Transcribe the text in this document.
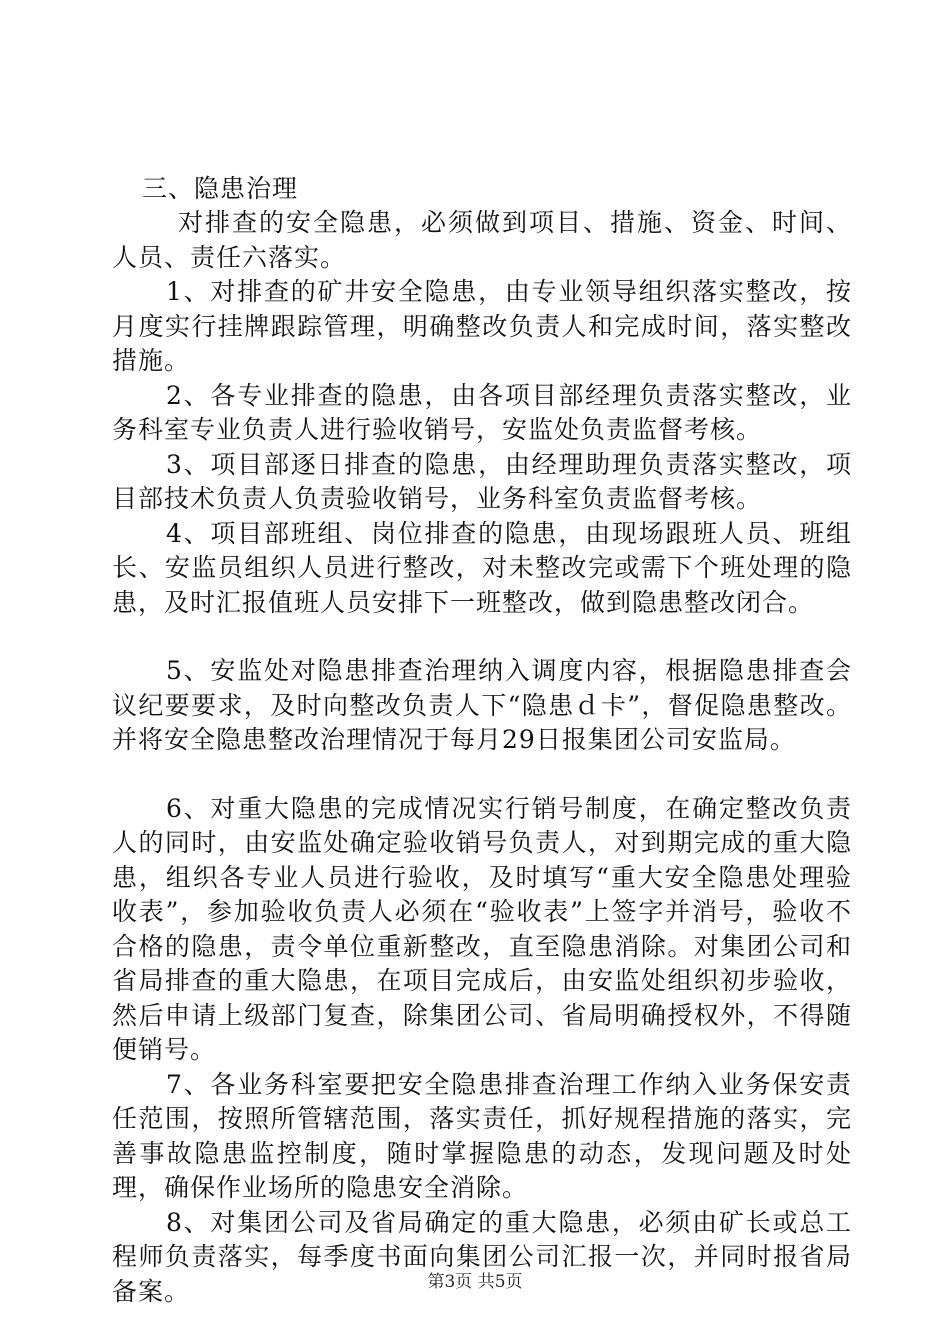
三、隐患治理

对排查的安全隐患，必须做到项目、措施、资金、时间、人员、责任六落实。

1、对排查的矿井安全隐患，由专业领导组织落实整改，按月度实行挂牌跟踪管理，明确整改负责人和完成时间，落实整改措施。

2、各专业排查的隐患，由各项目部经理负责落实整改，业务科室专业负责人进行验收销号，安监处负责监督考核。

3、项目部逐日排查的隐患，由经理助理负责落实整改，项目部技术负责人负责验收销号，业务科室负责监督考核。

4、项目部班组、岗位排查的隐患，由现场跟班人员、班组长、安监员组织人员进行整改，对未整改完或需下个班处理的隐患，及时汇报值班人员安排下一班整改，做到隐患整改闭合。

5、安监处对隐患排查治理纳入调度内容，根据隐患排查会议纪要要求，及时向整改负责人下“隐患ｄ卡”，督促隐患整改。并将安全隐患整改治理情况于每月29日报集团公司安监局。

6、对重大隐患的完成情况实行销号制度，在确定整改负责人的同时，由安监处确定验收销号负责人，对到期完成的重大隐患，组织各专业人员进行验收，及时填写“重大安全隐患处理验收表”，参加验收负责人必须在“验收表”上签字并消号，验收不合格的隐患，责令单位重新整改，直至隐患消除。对集团公司和省局排查的重大隐患，在项目完成后，由安监处组织初步验收，然后申请上级部门复查，除集团公司、省局明确授权外，不得随便销号。

7、各业务科室要把安全隐患排查治理工作纳入业务保安责任范围，按照所管辖范围，落实责任，抓好规程措施的落实，完善事故隐患监控制度，随时掌握隐患的动态，发现问题及时处理，确保作业场所的隐患安全消除。

8、对集团公司及省局确定的重大隐患，必须由矿长或总工程师负责落实，每季度书面向集团公司汇报一次，并同时报省局备案。	第3页 共5页
